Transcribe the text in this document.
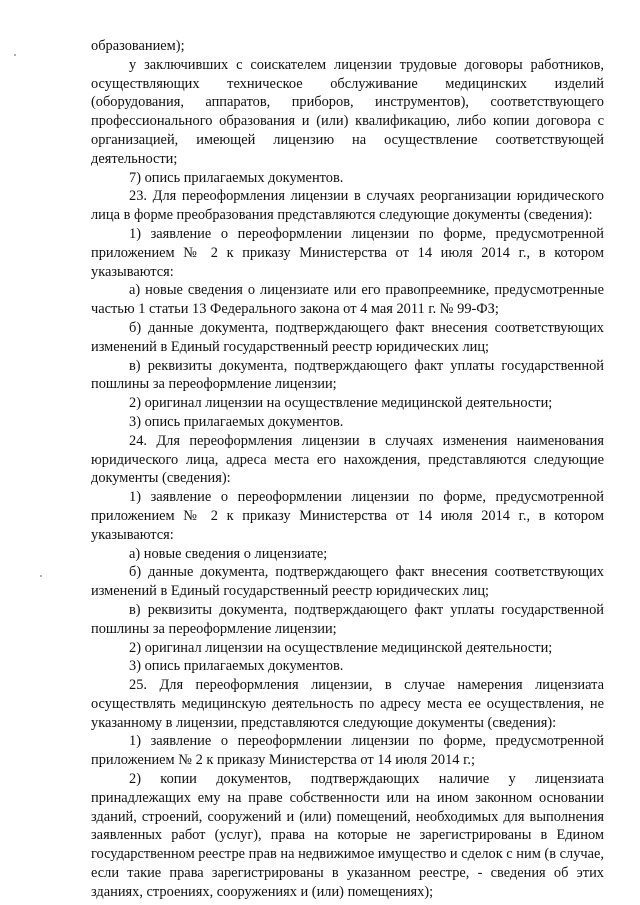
образованием);

у заключивших с соискателем лицензии трудовые договоры работников, осуществляющих техническое обслуживание медицинских изделий (оборудования, аппаратов, приборов, инструментов), соответствующего профессионального образования и (или) квалификацию, либо копии договора с организацией, имеющей лицензию на осуществление соответствующей деятельности;

7) опись прилагаемых документов.

23. Для переоформления лицензии в случаях реорганизации юридического лица в форме преобразования представляются следующие документы (сведения):

1) заявление о переоформлении лицензии по форме, предусмотренной приложением № 2 к приказу Министерства от 14 июля 2014 г., в котором указываются:

а) новые сведения о лицензиате или его правопреемнике, предусмотренные частью 1 статьи 13 Федерального закона от 4 мая 2011 г. № 99-ФЗ;

б) данные документа, подтверждающего факт внесения соответствующих изменений в Единый государственный реестр юридических лиц;

в) реквизиты документа, подтверждающего факт уплаты государственной пошлины за переоформление лицензии;

2) оригинал лицензии на осуществление медицинской деятельности;

3) опись прилагаемых документов.

24. Для переоформления лицензии в случаях изменения наименования юридического лица, адреса места его нахождения, представляются следующие документы (сведения):

1) заявление о переоформлении лицензии по форме, предусмотренной приложением № 2 к приказу Министерства от 14 июля 2014 г., в котором указываются:

а) новые сведения о лицензиате;

б) данные документа, подтверждающего факт внесения соответствующих изменений в Единый государственный реестр юридических лиц;

в) реквизиты документа, подтверждающего факт уплаты государственной пошлины за переоформление лицензии;

2) оригинал лицензии на осуществление медицинской деятельности;

3) опись прилагаемых документов.

25. Для переоформления лицензии, в случае намерения лицензиата осуществлять медицинскую деятельность по адресу места ее осуществления, не указанному в лицензии, представляются следующие документы (сведения):

1) заявление о переоформлении лицензии по форме, предусмотренной приложением № 2 к приказу Министерства от 14 июля 2014 г.;

2) копии документов, подтверждающих наличие у лицензиата принадлежащих ему на праве собственности или на ином законном основании зданий, строений, сооружений и (или) помещений, необходимых для выполнения заявленных работ (услуг), права на которые не зарегистрированы в Едином государственном реестре прав на недвижимое имущество и сделок с ним (в случае, если такие права зарегистрированы в указанном реестре, - сведения об этих зданиях, строениях, сооружениях и (или) помещениях);
